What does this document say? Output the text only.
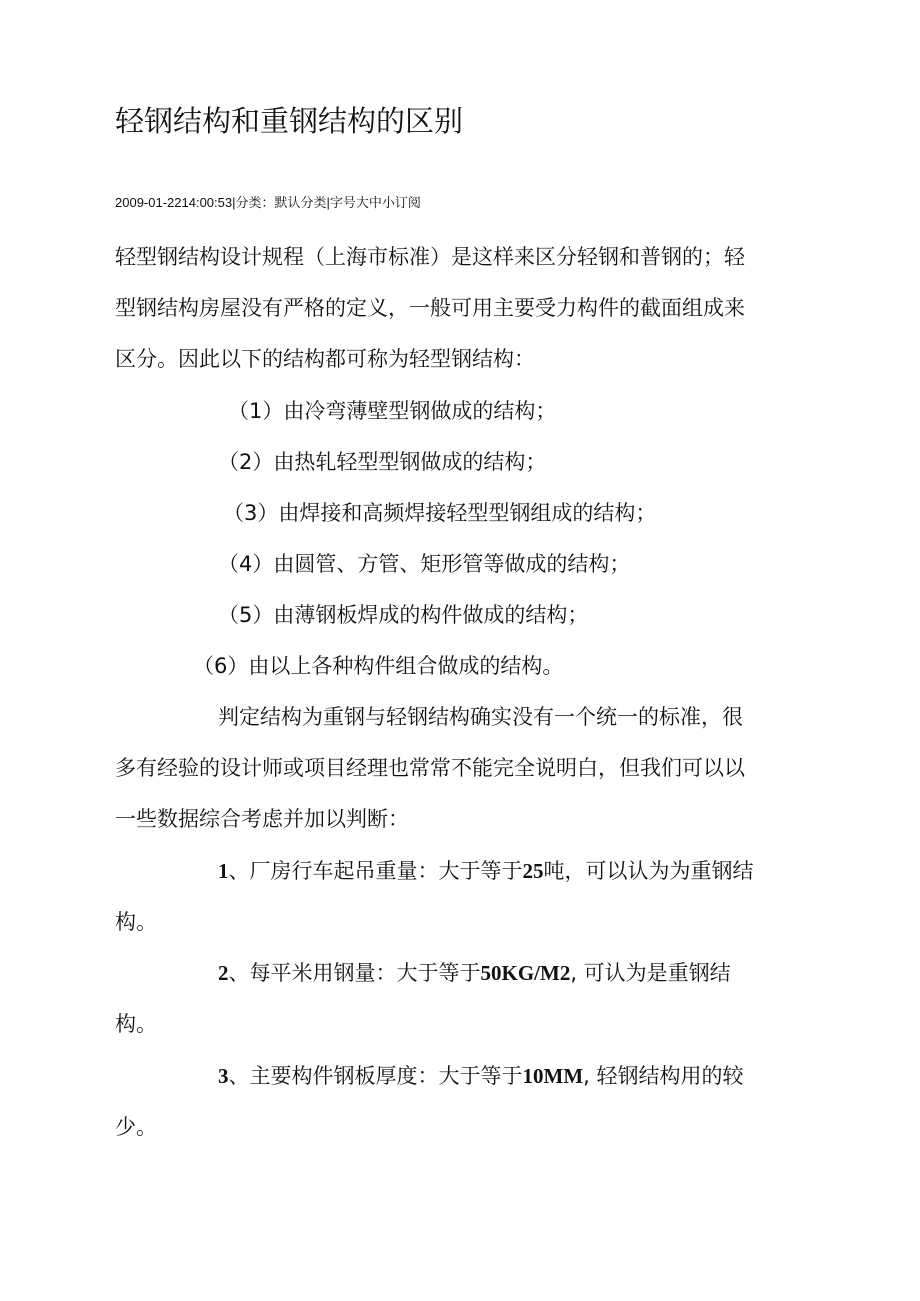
轻钢结构和重钢结构的区别
2009-01-2214:00:53|分类：默认分类|字号大中小订阅
轻型钢结构设计规程（上海市标准）是这样来区分轻钢和普钢的；轻
型钢结构房屋没有严格的定义，一般可用主要受力构件的截面组成来
区分。因此以下的结构都可称为轻型钢结构：
（1）由冷弯薄壁型钢做成的结构；
（2）由热轧轻型型钢做成的结构；
（3）由焊接和高频焊接轻型型钢组成的结构；
（4）由圆管、方管、矩形管等做成的结构；
（5）由薄钢板焊成的构件做成的结构；
（6）由以上各种构件组合做成的结构。
判定结构为重钢与轻钢结构确实没有一个统一的标准，很
多有经验的设计师或项目经理也常常不能完全说明白，但我们可以以
一些数据综合考虑并加以判断：
1、厂房行车起吊重量：大于等于25吨，可以认为为重钢结
构。
2、每平米用钢量：大于等于50KG/M2, 可认为是重钢结
构。
3、主要构件钢板厚度：大于等于10MM, 轻钢结构用的较
少。
